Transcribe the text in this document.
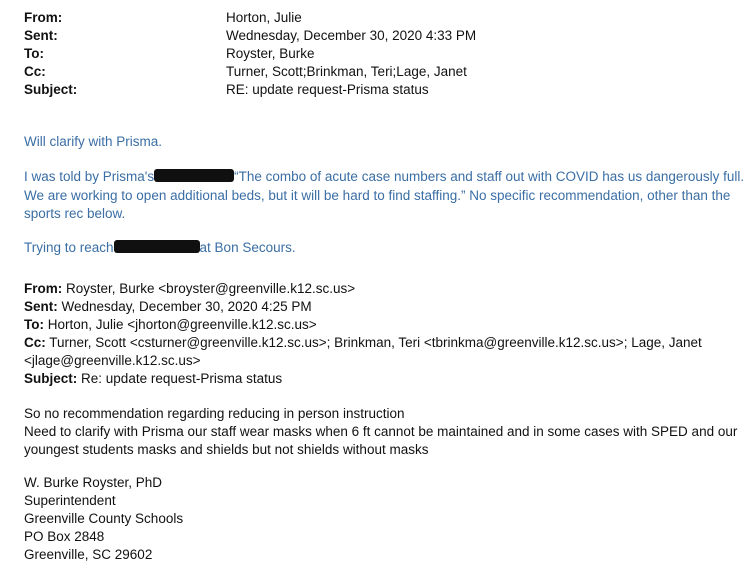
From:	Horton, Julie
Sent:	Wednesday, December 30, 2020 4:33 PM
To:	Royster, Burke
Cc:	Turner, Scott;Brinkman, Teri;Lage, Janet
Subject:	RE: update request-Prisma status
Will clarify with Prisma.
I was told by Prisma's	“The combo of acute case numbers and staff out with COVID has us dangerously full.
We are working to open additional beds, but it will be hard to find staffing.” No specific recommendation, other than the
sports rec below.
Trying to reach	at Bon Secours.
From: Royster, Burke <broyster@greenville.k12.sc.us>
Sent: Wednesday, December 30, 2020 4:25 PM
To: Horton, Julie <jhorton@greenville.k12.sc.us>
Cc: Turner, Scott <csturner@greenville.k12.sc.us>; Brinkman, Teri <tbrinkma@greenville.k12.sc.us>; Lage, Janet
<jlage@greenville.k12.sc.us>
Subject: Re: update request-Prisma status
So no recommendation regarding reducing in person instruction
Need to clarify with Prisma our staff wear masks when 6 ft cannot be maintained and in some cases with SPED and our
youngest students masks and shields but not shields without masks
W. Burke Royster, PhD
Superintendent
Greenville County Schools
PO Box 2848
Greenville, SC 29602
